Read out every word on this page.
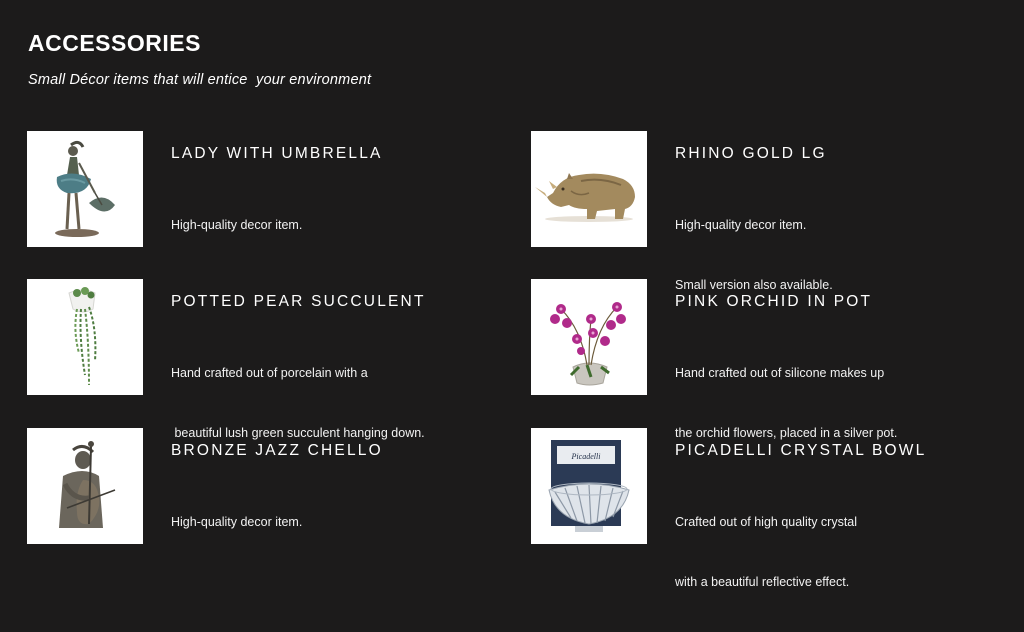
ACCESSORIES
Small Décor items that will entice  your environment
LADY WITH UMBRELLA

High-quality decor item.

RHINO GOLD LG

High-quality decor item.

Small version also available.

POTTED PEAR SUCCULENT

Hand crafted out of porcelain with a

beautiful lush green succulent hanging down.

PINK ORCHID IN POT

Hand crafted out of silicone makes up

the orchid flowers, placed in a silver pot.

BRONZE JAZZ CHELLO

High-quality decor item.

Picadelli	PICADELLI CRYSTAL BOWL

Crafted out of high quality crystal

with a beautiful reflective effect.
